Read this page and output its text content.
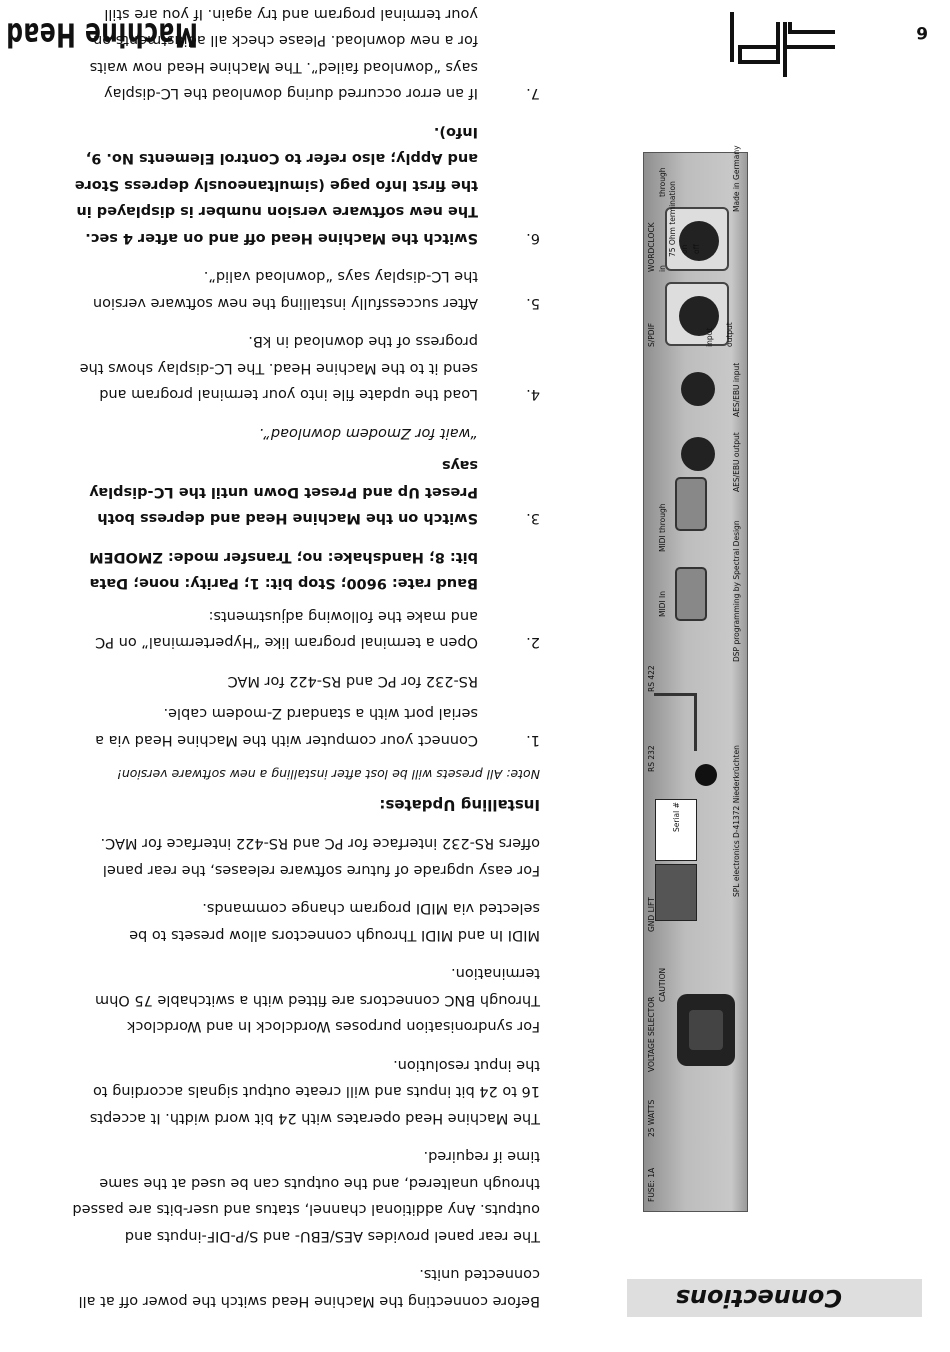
6
Machine Head
Connections
FUSE: 1A
25 WATTS
VOLTAGE SELECTOR
CAUTION
GND LIFT
Serial #	SPL electronics D-41372 Niederkrüchten
DSP programming by Spectral Design
RS 232
RS 422
MIDI In
MIDI through
AES/EBU output
AES/EBU input
S/PDIF	input output
WORDCLOCK in
through 75 Ohm termination on off
Made in Germany

Before connecting the Machine Head switch the power off at all connected units.

The rear panel provides AES/EBU- and S/P-DIF-inputs and outputs. Any additional channel, status and user-bits are passed through unaltered, and the outputs can be used at the same time if required.

The Machine Head operates with 24 bit word width. It accepts 16 to 24 bit inputs and will create output signals according to the input resolution.

For syndronisation purposes Wordclock In and Wordclock Through BNC connectors are fitted with a switchable 75 Ohm termination.

MIDI In and MIDI Through connectors allow presets to be selected via MIDI program change commands.

For easy upgrade of future software releases, the rear panel offers RS-232 interface for PC and RS-422 interface for MAC.

Installing Updates:
Note: All presets will be lost after installing a new software version!
1.
Connect your computer with the Machine Head via a serial port with a standard Z-modem cable.
RS-232 for PC and RS-422 for MAC
2.
Open a terminal program like “Hyperterminal” on PC and make the following adjustments:
Baud rate: 9600; Stop bit: 1; Parity: none; Data bit: 8; Handshake: no; Transfer mode: ZMODEM
3.
Switch on the Machine Head and depress both Preset Up and Preset Down until the LC-display says
“wait for Zmodem download”.
4.
Load the update file into your terminal program and send it to the Machine Head. The LC-display shows the progress of the download in kB.
5.
After successfully installing the new software version the LC-display says “download valid”.
6.
Switch the Machine Head off and on after 4 sec. The new software version number is displayed in the first Info page (simultaneously depress Store and Apply; also refer to Control Elements No. 9, Info).
7.
If an error occurred during download the LC-display says “download failed”. The Machine Head now waits for a new download. Please check all adjustments on your terminal program and try again. If you are still
